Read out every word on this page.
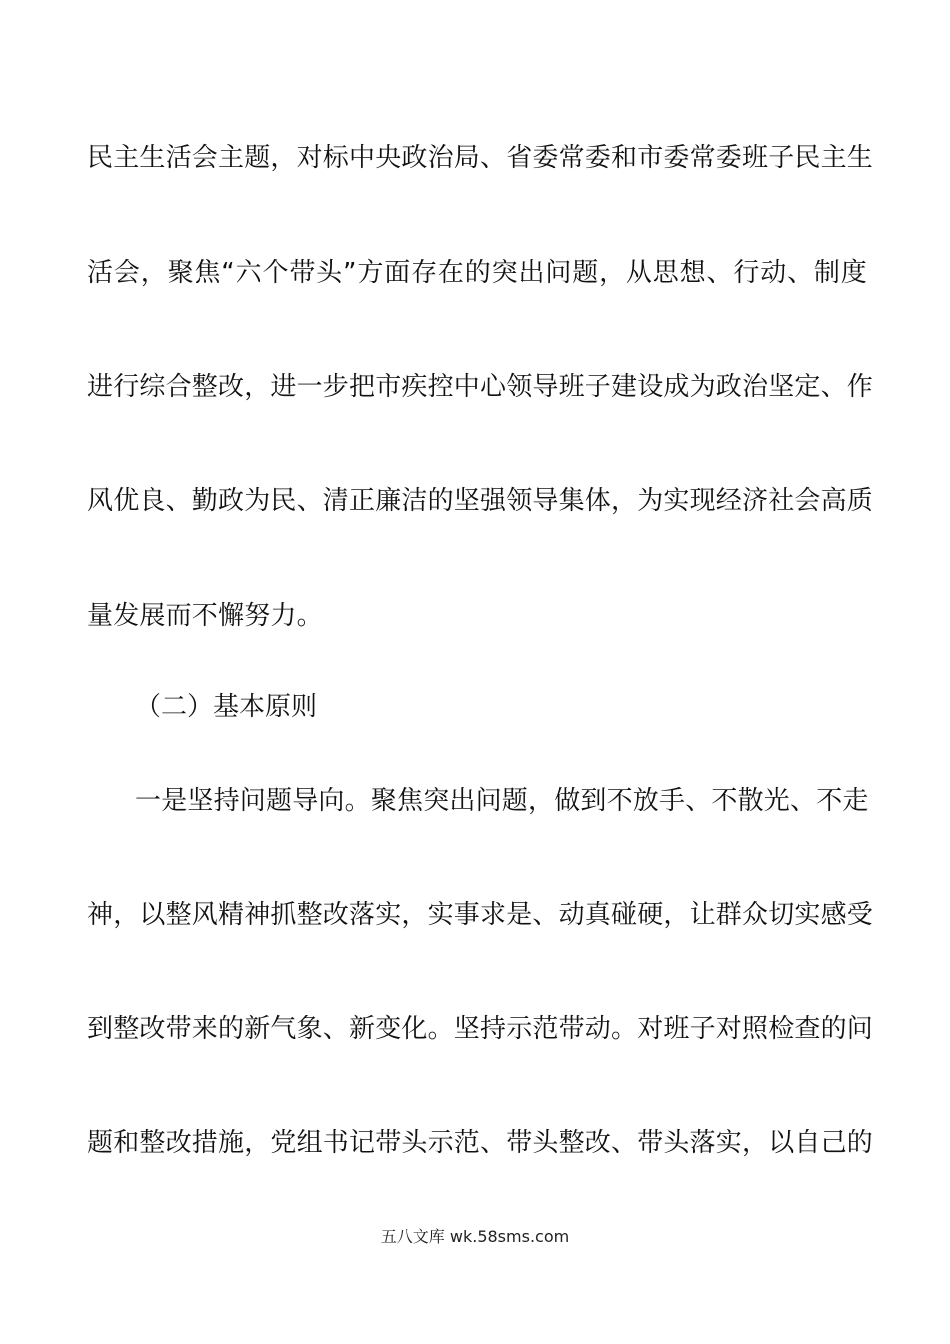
民主生活会主题，对标中央政治局、省委常委和市委常委班子民主生
活会，聚焦“六个带头”方面存在的突出问题，从思想、行动、制度
进行综合整改，进一步把市疾控中心领导班子建设成为政治坚定、作
风优良、勤政为民、清正廉洁的坚强领导集体，为实现经济社会高质
量发展而不懈努力。
（二）基本原则
一是坚持问题导向。聚焦突出问题，做到不放手、不散光、不走
神，以整风精神抓整改落实，实事求是、动真碰硬，让群众切实感受
到整改带来的新气象、新变化。坚持示范带动。对班子对照检查的问
题和整改措施，党组书记带头示范、带头整改、带头落实，以自己的
五八文库 wk.58sms.com
